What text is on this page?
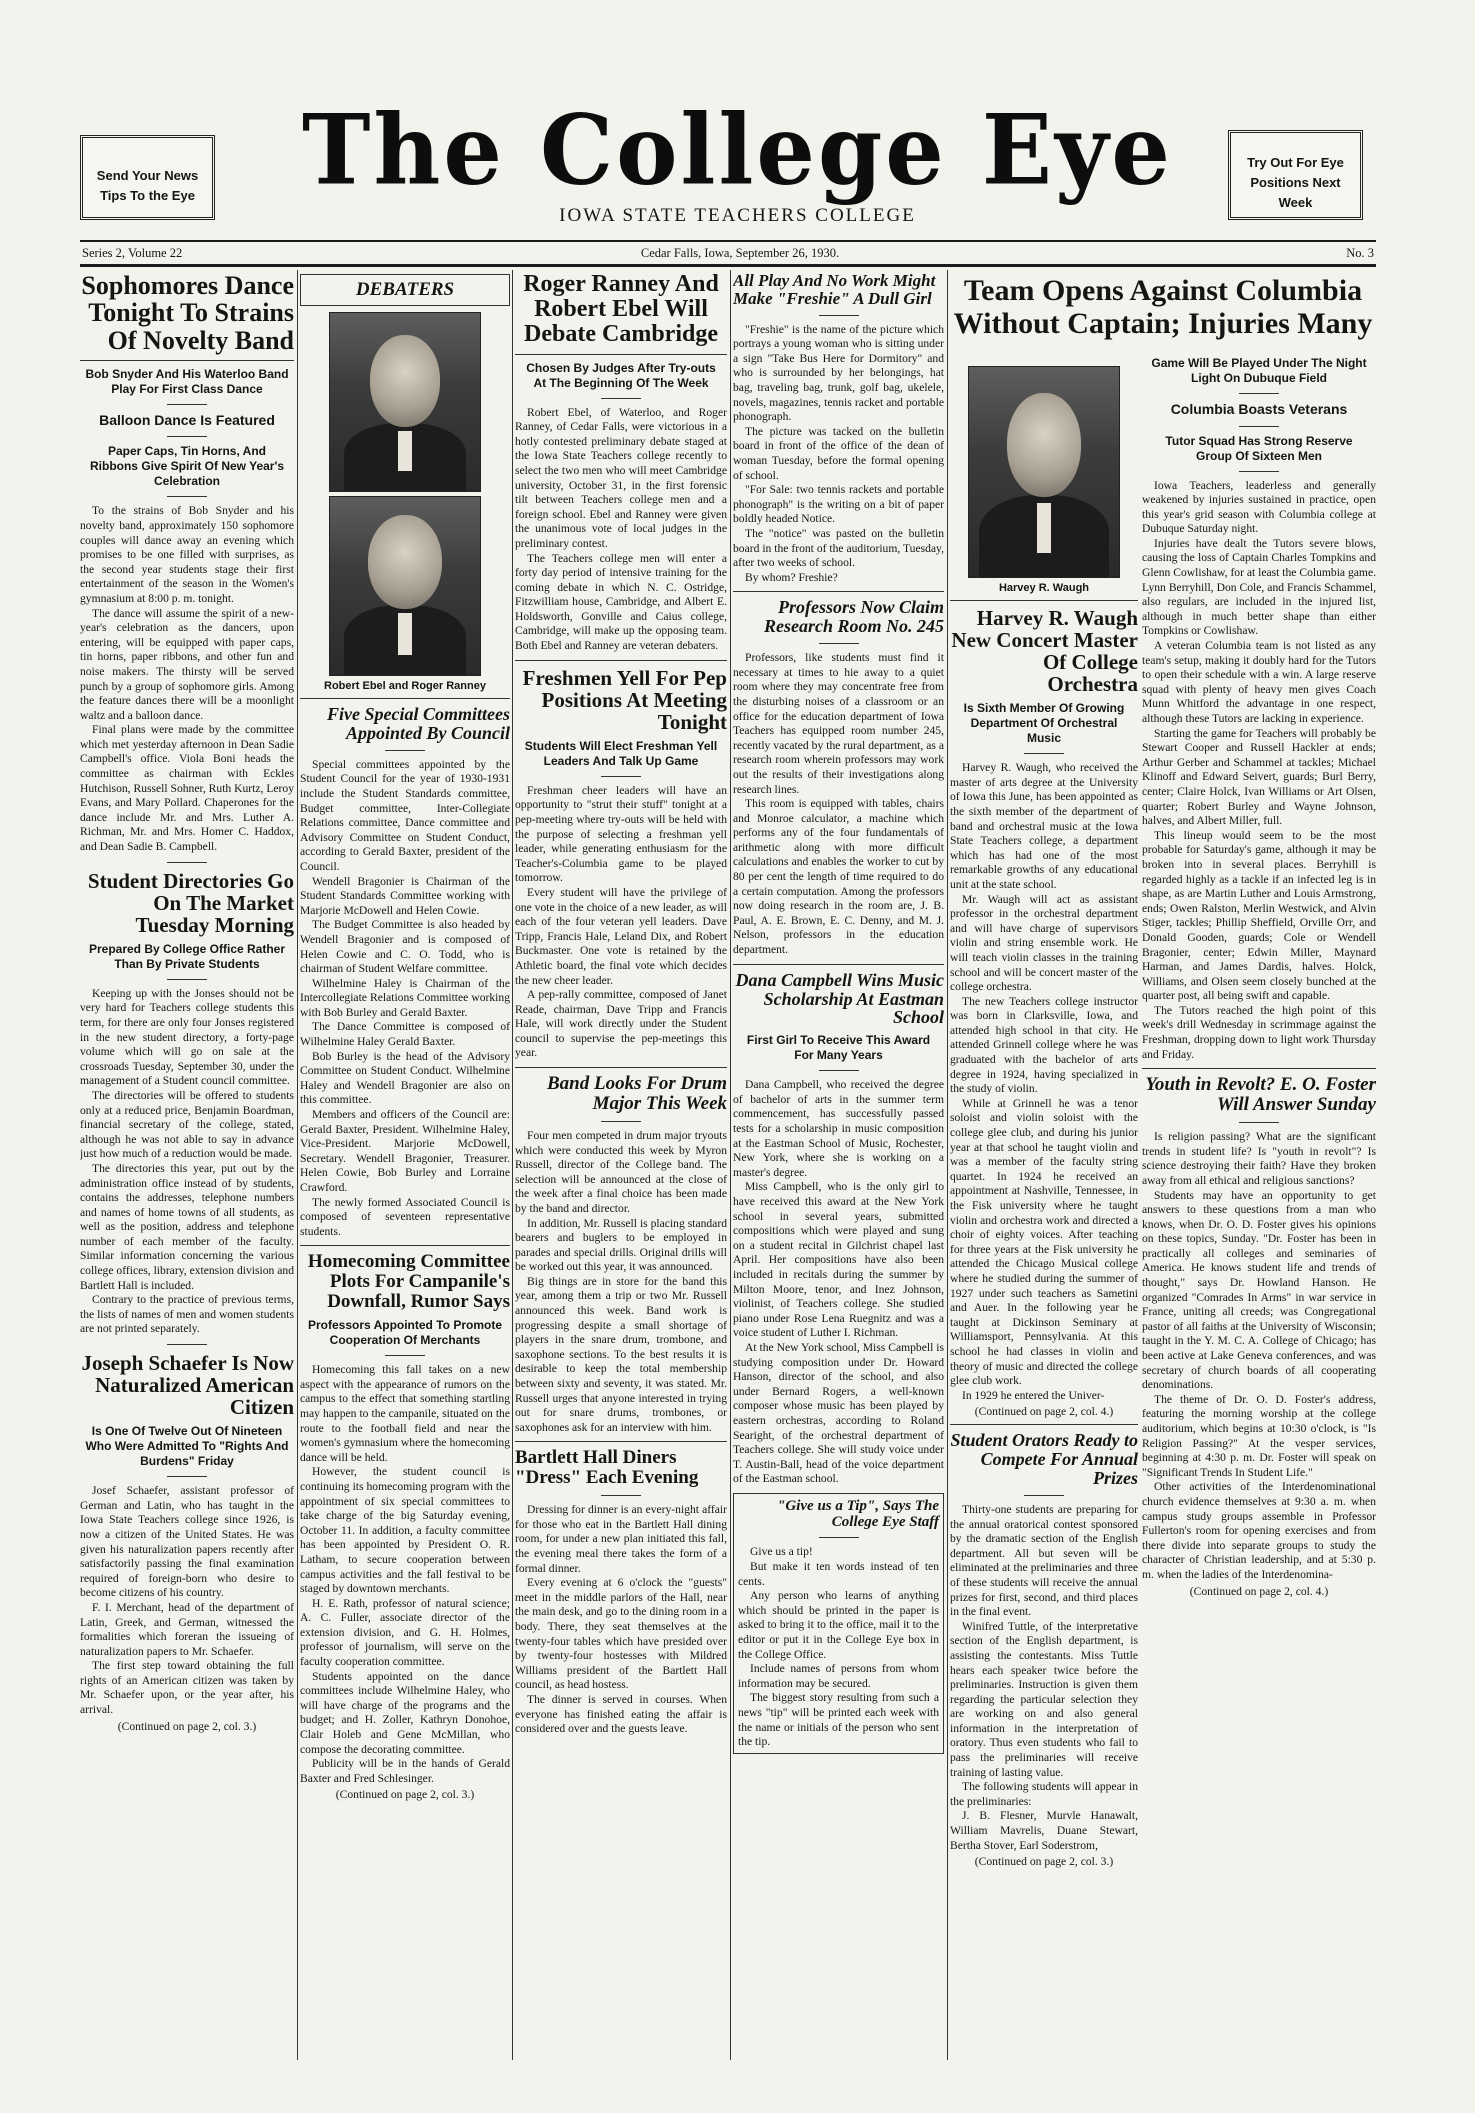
Send Your News
Tips To the Eye	The College Eye	Try Out For Eye
Positions Next
Week
IOWA STATE TEACHERS COLLEGE
Series 2, Volume 22	Cedar Falls, Iowa, September 26, 1930.	No. 3
Sophomores Dance Tonight To Strains Of Novelty Band
Bob Snyder And His Waterloo Band Play For First Class Dance
Balloon Dance Is Featured
Paper Caps, Tin Horns, And Ribbons Give Spirit Of New Year's Celebration

To the strains of Bob Snyder and his novelty band, approximately 150 sophomore couples will dance away an evening which promises to be one filled with surprises, as the second year students stage their first entertainment of the season in the Women's gymnasium at 8:00 p. m. tonight.

The dance will assume the spirit of a new-year's celebration as the dancers, upon entering, will be equipped with paper caps, tin horns, paper ribbons, and other fun and noise makers. The thirsty will be served punch by a group of sophomore girls. Among the feature dances there will be a moonlight waltz and a balloon dance.

Final plans were made by the committee which met yesterday afternoon in Dean Sadie Campbell's office. Viola Boni heads the committee as chairman with Eckles Hutchison, Russell Sohner, Ruth Kurtz, Leroy Evans, and Mary Pollard. Chaperones for the dance include Mr. and Mrs. Luther A. Richman, Mr. and Mrs. Homer C. Haddox, and Dean Sadie B. Campbell.

Student Directories Go On The Market Tuesday Morning
Prepared By College Office Rather Than By Private Students

Keeping up with the Jonses should not be very hard for Teachers college students this term, for there are only four Jonses registered in the new student directory, a forty-page volume which will go on sale at the crossroads Tuesday, September 30, under the management of a Student council committee.

The directories will be offered to students only at a reduced price, Benjamin Boardman, financial secretary of the college, stated, although he was not able to say in advance just how much of a reduction would be made.

The directories this year, put out by the administration office instead of by students, contains the addresses, telephone numbers and names of home towns of all students, as well as the position, address and telephone number of each member of the faculty. Similar information concerning the various college offices, library, extension division and Bartlett Hall is included.

Contrary to the practice of previous terms, the lists of names of men and women students are not printed separately.

Joseph Schaefer Is Now Naturalized American Citizen
Is One Of Twelve Out Of Nineteen Who Were Admitted To "Rights And Burdens" Friday

Josef Schaefer, assistant professor of German and Latin, who has taught in the Iowa State Teachers college since 1926, is now a citizen of the United States. He was given his naturalization papers recently after satisfactorily passing the final examination required of foreign-born who desire to become citizens of his country.

F. I. Merchant, head of the department of Latin, Greek, and German, witnessed the formalities which foreran the issueing of naturalization papers to Mr. Schaefer.

The first step toward obtaining the full rights of an American citizen was taken by Mr. Schaefer upon, or the year after, his arrival.

(Continued on page 2, col. 3.)
DEBATERS
Robert Ebel and Roger Ranney
Five Special Committees Appointed By Council

Special committees appointed by the Student Council for the year of 1930-1931 include the Student Standards committee, Budget committee, Inter-Collegiate Relations committee, Dance committee and Advisory Committee on Student Conduct, according to Gerald Baxter, president of the Council.

Wendell Bragonier is Chairman of the Student Standards Committee working with Marjorie McDowell and Helen Cowie.

The Budget Committee is also headed by Wendell Bragonier and is composed of Helen Cowie and C. O. Todd, who is chairman of Student Welfare committee.

Wilhelmine Haley is Chairman of the Intercollegiate Relations Committee working with Bob Burley and Gerald Baxter.

The Dance Committee is composed of Wilhelmine Haley Gerald Baxter.

Bob Burley is the head of the Advisory Committee on Student Conduct. Wilhelmine Haley and Wendell Bragonier are also on this committee.

Members and officers of the Council are: Gerald Baxter, President. Wilhelmine Haley, Vice-President. Marjorie McDowell, Secretary. Wendell Bragonier, Treasurer. Helen Cowie, Bob Burley and Lorraine Crawford.

The newly formed Associated Council is composed of seventeen representative students.

Homecoming Committee Plots For Campanile's Downfall, Rumor Says
Professors Appointed To Promote Cooperation Of Merchants

Homecoming this fall takes on a new aspect with the appearance of rumors on the campus to the effect that something startling may happen to the campanile, situated on the route to the football field and near the women's gymnasium where the homecoming dance will be held.

However, the student council is continuing its homecoming program with the appointment of six special committees to take charge of the big Saturday evening, October 11. In addition, a faculty committee has been appointed by President O. R. Latham, to secure cooperation between campus activities and the fall festival to be staged by downtown merchants.

H. E. Rath, professor of natural science; A. C. Fuller, associate director of the extension division, and G. H. Holmes, professor of journalism, will serve on the faculty cooperation committee.

Students appointed on the dance committees include Wilhelmine Haley, who will have charge of the programs and the budget; and H. Zoller, Kathryn Donohoe, Clair Holeb and Gene McMillan, who compose the decorating committee.

Publicity will be in the hands of Gerald Baxter and Fred Schlesinger.

(Continued on page 2, col. 3.)
Roger Ranney And Robert Ebel Will Debate Cambridge
Chosen By Judges After Try-outs At The Beginning Of The Week

Robert Ebel, of Waterloo, and Roger Ranney, of Cedar Falls, were victorious in a hotly contested preliminary debate staged at the Iowa State Teachers college recently to select the two men who will meet Cambridge university, October 31, in the first forensic tilt between Teachers college men and a foreign school. Ebel and Ranney were given the unanimous vote of local judges in the preliminary contest.

The Teachers college men will enter a forty day period of intensive training for the coming debate in which N. C. Ostridge, Fitzwilliam house, Cambridge, and Albert E. Holdsworth, Gonville and Caius college, Cambridge, will make up the opposing team. Both Ebel and Ranney are veteran debaters.

Freshmen Yell For Pep Positions At Meeting Tonight
Students Will Elect Freshman Yell Leaders And Talk Up Game

Freshman cheer leaders will have an opportunity to "strut their stuff" tonight at a pep-meeting where try-outs will be held with the purpose of selecting a freshman yell leader, while generating enthusiasm for the Teacher's-Columbia game to be played tomorrow.

Every student will have the privilege of one vote in the choice of a new leader, as will each of the four veteran yell leaders. Dave Tripp, Francis Hale, Leland Dix, and Robert Buckmaster. One vote is retained by the Athletic board, the final vote which decides the new cheer leader.

A pep-rally committee, composed of Janet Reade, chairman, Dave Tripp and Francis Hale, will work directly under the Student council to supervise the pep-meetings this year.

Band Looks For Drum Major This Week

Four men competed in drum major tryouts which were conducted this week by Myron Russell, director of the College band. The selection will be announced at the close of the week after a final choice has been made by the band and director.

In addition, Mr. Russell is placing standard bearers and buglers to be employed in parades and special drills. Original drills will be worked out this year, it was announced.

Big things are in store for the band this year, among them a trip or two Mr. Russell announced this week. Band work is progressing despite a small shortage of players in the snare drum, trombone, and saxophone sections. To the best results it is desirable to keep the total membership between sixty and seventy, it was stated. Mr. Russell urges that anyone interested in trying out for snare drums, trombones, or saxophones ask for an interview with him.

Bartlett Hall Diners "Dress" Each Evening

Dressing for dinner is an every-night affair for those who eat in the Bartlett Hall dining room, for under a new plan initiated this fall, the evening meal there takes the form of a formal dinner.

Every evening at 6 o'clock the "guests" meet in the middle parlors of the Hall, near the main desk, and go to the dining room in a body. There, they seat themselves at the twenty-four tables which have presided over by twenty-four hostesses with Mildred Williams president of the Bartlett Hall council, as head hostess.

The dinner is served in courses. When everyone has finished eating the affair is considered over and the guests leave.

All Play And No Work Might Make "Freshie" A Dull Girl

"Freshie" is the name of the picture which portrays a young woman who is sitting under a sign "Take Bus Here for Dormitory" and who is surrounded by her belongings, hat bag, traveling bag, trunk, golf bag, ukelele, novels, magazines, tennis racket and portable phonograph.

The picture was tacked on the bulletin board in front of the office of the dean of woman Tuesday, before the formal opening of school.

"For Sale: two tennis rackets and portable phonograph" is the writing on a bit of paper boldly headed Notice.

The "notice" was pasted on the bulletin board in the front of the auditorium, Tuesday, after two weeks of school.

By whom? Freshie?

Professors Now Claim Research Room No. 245

Professors, like students must find it necessary at times to hie away to a quiet room where they may concentrate free from the disturbing noises of a classroom or an office for the education department of Iowa Teachers has equipped room number 245, recently vacated by the rural department, as a research room wherein professors may work out the results of their investigations along research lines.

This room is equipped with tables, chairs and Monroe calculator, a machine which performs any of the four fundamentals of arithmetic along with more difficult calculations and enables the worker to cut by 80 per cent the length of time required to do a certain computation. Among the professors now doing research in the room are, J. B. Paul, A. E. Brown, E. C. Denny, and M. J. Nelson, professors in the education department.

Dana Campbell Wins Music Scholarship At Eastman School
First Girl To Receive This Award For Many Years

Dana Campbell, who received the degree of bachelor of arts in the summer term commencement, has successfully passed tests for a scholarship in music composition at the Eastman School of Music, Rochester, New York, where she is working on a master's degree.

Miss Campbell, who is the only girl to have received this award at the New York school in several years, submitted compositions which were played and sung on a student recital in Gilchrist chapel last April. Her compositions have also been included in recitals during the summer by Milton Moore, tenor, and Inez Johnson, violinist, of Teachers college. She studied piano under Rose Lena Ruegnitz and was a voice student of Luther I. Richman.

At the New York school, Miss Campbell is studying composition under Dr. Howard Hanson, director of the school, and also under Bernard Rogers, a well-known composer whose music has been played by eastern orchestras, according to Roland Searight, of the orchestral department of Teachers college. She will study voice under T. Austin-Ball, head of the voice department of the Eastman school.

"Give us a Tip", Says The College Eye Staff

Give us a tip!

But make it ten words instead of ten cents.

Any person who learns of anything which should be printed in the paper is asked to bring it to the office, mail it to the editor or put it in the College Eye box in the College Office.

Include names of persons from whom information may be secured.

The biggest story resulting from such a news "tip" will be printed each week with the name or initials of the person who sent the tip.

Team Opens Against Columbia Without Captain; Injuries Many
Harvey R. Waugh
Harvey R. Waugh New Concert Master Of College Orchestra
Is Sixth Member Of Growing Department Of Orchestral Music

Harvey R. Waugh, who received the master of arts degree at the University of Iowa this June, has been appointed as the sixth member of the department of band and orchestral music at the Iowa State Teachers college, a department which has had one of the most remarkable growths of any educational unit at the state school.

Mr. Waugh will act as assistant professor in the orchestral department and will have charge of supervisors violin and string ensemble work. He will teach violin classes in the training school and will be concert master of the college orchestra.

The new Teachers college instructor was born in Clarksville, Iowa, and attended high school in that city. He attended Grinnell college where he was graduated with the bachelor of arts degree in 1924, having specialized in the study of violin.

While at Grinnell he was a tenor soloist and violin soloist with the college glee club, and during his junior year at that school he taught violin and was a member of the faculty string quartet. In 1924 he received an appointment at Nashville, Tennessee, in the Fisk university where he taught violin and orchestra work and directed a choir of eighty voices. After teaching for three years at the Fisk university he attended the Chicago Musical college where he studied during the summer of 1927 under such teachers as Sametini and Auer. In the following year he taught at Dickinson Seminary at Williamsport, Pennsylvania. At this school he had classes in violin and theory of music and directed the college glee club work.

In 1929 he entered the Univer-

(Continued on page 2, col. 4.)
Student Orators Ready to Compete For Annual Prizes

Thirty-one students are preparing for the annual oratorical contest sponsored by the dramatic section of the English department. All but seven will be eliminated at the preliminaries and three of these students will receive the annual prizes for first, second, and third places in the final event.

Winifred Tuttle, of the interpretative section of the English department, is assisting the contestants. Miss Tuttle hears each speaker twice before the preliminaries. Instruction is given them regarding the particular selection they are working on and also general information in the interpretation of oratory. Thus even students who fail to pass the preliminaries will receive training of lasting value.

The following students will appear in the preliminaries:

J. B. Flesner, Murvle Hanawalt, William Mavrelis, Duane Stewart, Bertha Stover, Earl Soderstrom,

(Continued on page 2, col. 3.)
Game Will Be Played Under The Night Light On Dubuque Field
Columbia Boasts Veterans
Tutor Squad Has Strong Reserve Group Of Sixteen Men

Iowa Teachers, leaderless and generally weakened by injuries sustained in practice, open this year's grid season with Columbia college at Dubuque Saturday night.

Injuries have dealt the Tutors severe blows, causing the loss of Captain Charles Tompkins and Glenn Cowlishaw, for at least the Columbia game. Lynn Berryhill, Don Cole, and Francis Schammel, also regulars, are included in the injured list, although in much better shape than either Tompkins or Cowlishaw.

A veteran Columbia team is not listed as any team's setup, making it doubly hard for the Tutors to open their schedule with a win. A large reserve squad with plenty of heavy men gives Coach Munn Whitford the advantage in one respect, although these Tutors are lacking in experience.

Starting the game for Teachers will probably be Stewart Cooper and Russell Hackler at ends; Arthur Gerber and Schammel at tackles; Michael Klinoff and Edward Seivert, guards; Burl Berry, center; Claire Holck, Ivan Williams or Art Olsen, quarter; Robert Burley and Wayne Johnson, halves, and Albert Miller, full.

This lineup would seem to be the most probable for Saturday's game, although it may be broken into in several places. Berryhill is regarded highly as a tackle if an infected leg is in shape, as are Martin Luther and Louis Armstrong, ends; Owen Ralston, Merlin Westwick, and Alvin Stiger, tackles; Phillip Sheffield, Orville Orr, and Donald Gooden, guards; Cole or Wendell Bragonier, center; Edwin Miller, Maynard Harman, and James Dardis, halves. Holck, Williams, and Olsen seem closely bunched at the quarter post, all being swift and capable.

The Tutors reached the high point of this week's drill Wednesday in scrimmage against the Freshman, dropping down to light work Thursday and Friday.

Youth in Revolt? E. O. Foster Will Answer Sunday

Is religion passing? What are the significant trends in student life? Is "youth in revolt"? Is science destroying their faith? Have they broken away from all ethical and religious sanctions?

Students may have an opportunity to get answers to these questions from a man who knows, when Dr. O. D. Foster gives his opinions on these topics, Sunday. "Dr. Foster has been in practically all colleges and seminaries of America. He knows student life and trends of thought," says Dr. Howland Hanson. He organized "Comrades In Arms" in war service in France, uniting all creeds; was Congregational pastor of all faiths at the University of Wisconsin; taught in the Y. M. C. A. College of Chicago; has been active at Lake Geneva conferences, and was secretary of church boards of all cooperating denominations.

The theme of Dr. O. D. Foster's address, featuring the morning worship at the college auditorium, which begins at 10:30 o'clock, is "Is Religion Passing?" At the vesper services, beginning at 4:30 p. m. Dr. Foster will speak on "Significant Trends In Student Life."

Other activities of the Interdenominational church evidence themselves at 9:30 a. m. when campus study groups assemble in Professor Fullerton's room for opening exercises and from there divide into separate groups to study the character of Christian leadership, and at 5:30 p. m. when the ladies of the Interdenomina-

(Continued on page 2, col. 4.)
